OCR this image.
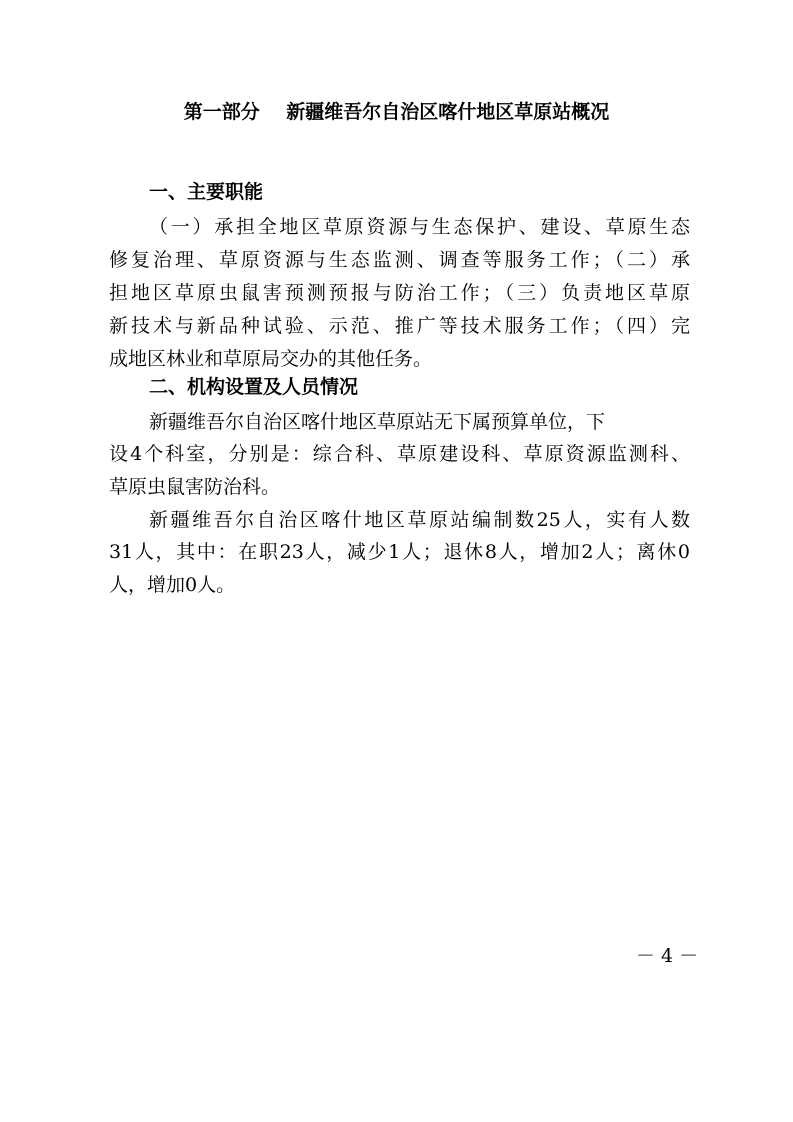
第一部分    新疆维吾尔自治区喀什地区草原站概况
一、主要职能
（一）承担全地区草原资源与生态保护、建设、草原生态
修复治理、草原资源与生态监测、调查等服务工作；（二）承
担地区草原虫鼠害预测预报与防治工作；（三）负责地区草原
新技术与新品种试验、示范、推广等技术服务工作；（四）完
成地区林业和草原局交办的其他任务。
二、机构设置及人员情况
新疆维吾尔自治区喀什地区草原站无下属预算单位，下
设4个科室，分别是：综合科、草原建设科、草原资源监测科、
草原虫鼠害防治科。
新疆维吾尔自治区喀什地区草原站编制数25人，实有人数
31人，其中：在职23人，减少1人；退休8人，增加2人；离休0
人，增加0人。
－ 4 －
